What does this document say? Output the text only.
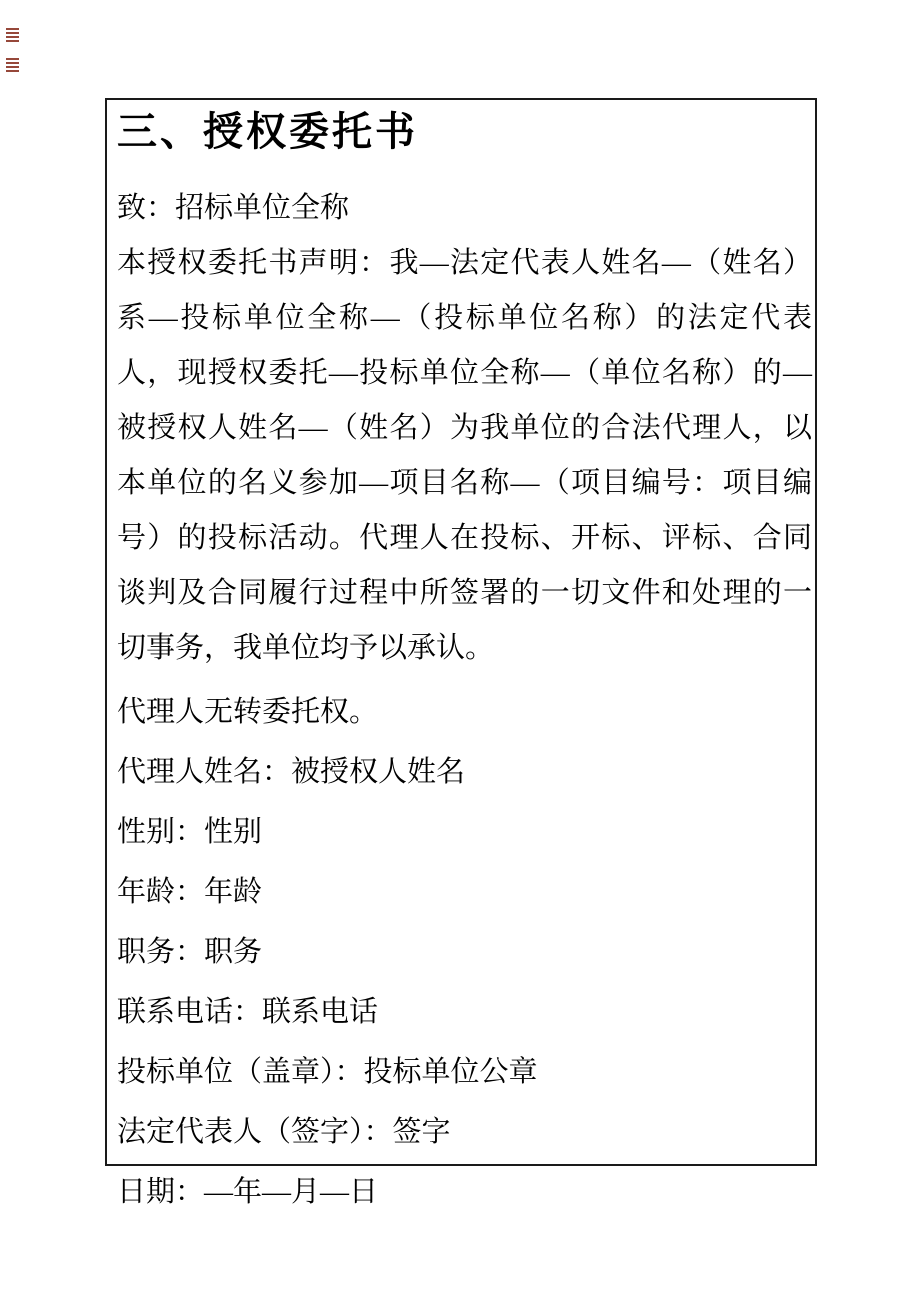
三、授权委托书

致：招标单位全称

本授权委托书声明：我—法定代表人姓名—（姓名）系—投标单位全称—（投标单位名称）的法定代表人，现授权委托—投标单位全称—（单位名称）的—被授权人姓名—（姓名）为我单位的合法代理人，以本单位的名义参加—项目名称—（项目编号：项目编号）的投标活动。代理人在投标、开标、评标、合同谈判及合同履行过程中所签署的一切文件和处理的一切事务，我单位均予以承认。

代理人无转委托权。

代理人姓名：被授权人姓名

性别：性别

年龄：年龄

职务：职务

联系电话：联系电话

投标单位（盖章）：投标单位公章

法定代表人（签字）：签字

日期：—年—月—日
